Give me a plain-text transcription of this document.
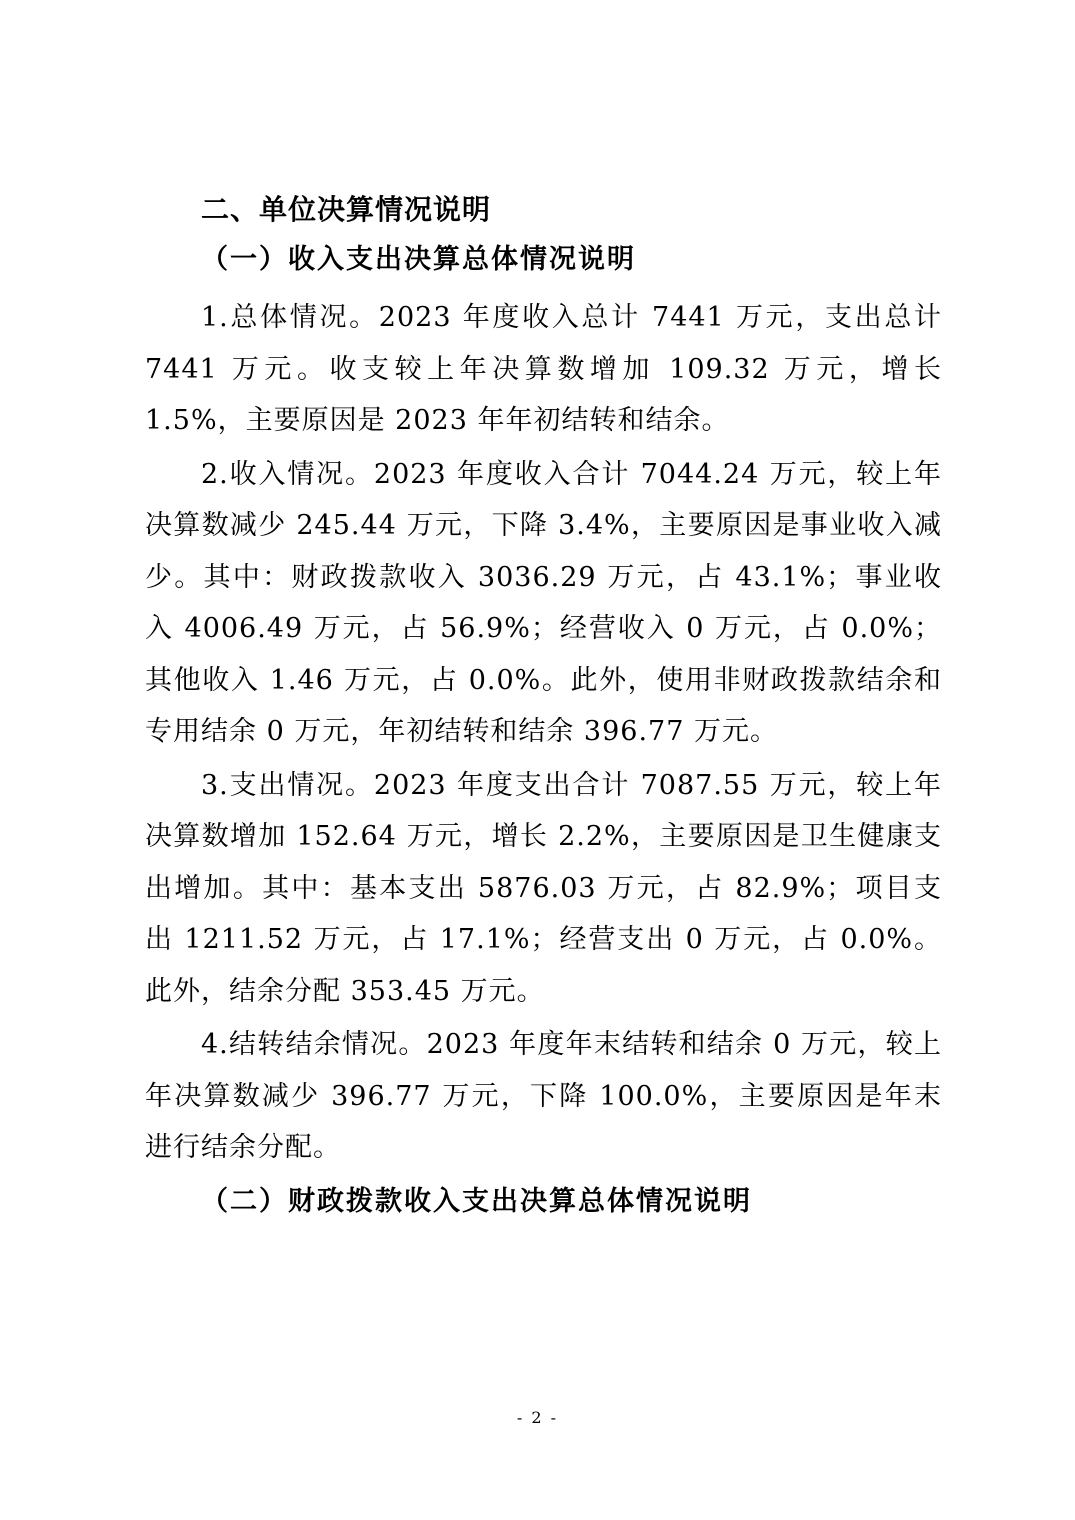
二、单位决算情况说明
（一）收入支出决算总体情况说明

1.总体情况。2023 年度收入总计 7441 万元，支出总计 7441 万元。收支较上年决算数增加 109.32 万元，增长 1.5%，主要原因是 2023 年年初结转和结余。

2.收入情况。2023 年度收入合计 7044.24 万元，较上年决算数减少 245.44 万元，下降 3.4%，主要原因是事业收入减少。其中：财政拨款收入 3036.29 万元，占 43.1%；事业收入 4006.49 万元，占 56.9%；经营收入 0 万元，占 0.0%；其他收入 1.46 万元，占 0.0%。此外，使用非财政拨款结余和专用结余 0 万元，年初结转和结余 396.77 万元。

3.支出情况。2023 年度支出合计 7087.55 万元，较上年决算数增加 152.64 万元，增长 2.2%，主要原因是卫生健康支出增加。其中：基本支出 5876.03 万元，占 82.9%；项目支出 1211.52 万元，占 17.1%；经营支出 0 万元，占 0.0%。此外，结余分配 353.45 万元。

4.结转结余情况。2023 年度年末结转和结余 0 万元，较上年决算数减少 396.77 万元，下降 100.0%，主要原因是年末进行结余分配。

（二）财政拨款收入支出决算总体情况说明
- 2 -
